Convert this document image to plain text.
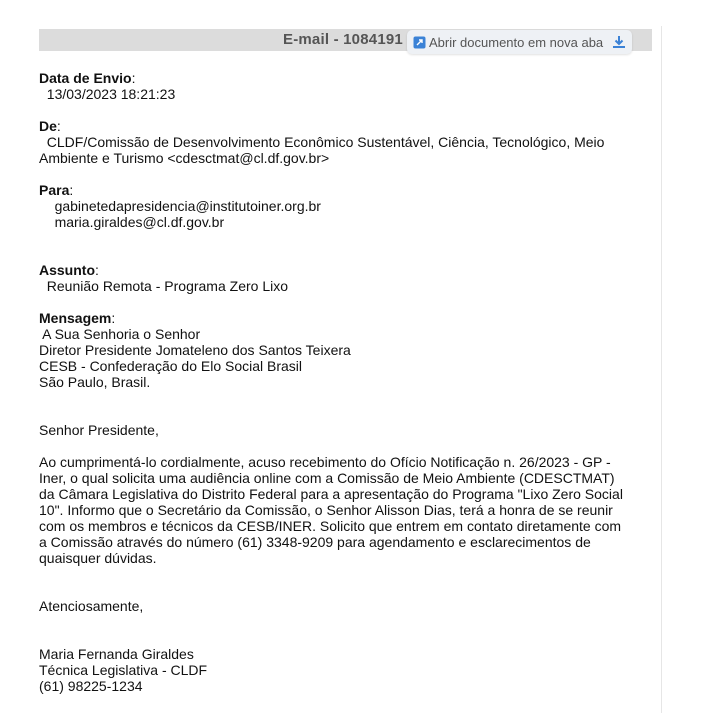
E-mail - 1084191 Abrir documento em nova aba
Data de Envio:
13/03/2023 18:21:23
De:
CLDF/Comissão de Desenvolvimento Econômico Sustentável, Ciência, Tecnológico, Meio
Ambiente e Turismo <cdesctmat@cl.df.gov.br>
Para:
gabinetedapresidencia@institutoiner.org.br
maria.giraldes@cl.df.gov.br
Assunto:
Reunião Remota - Programa Zero Lixo
Mensagem:
A Sua Senhoria o Senhor
Diretor Presidente Jomateleno dos Santos Teixera
CESB - Confederação do Elo Social Brasil
São Paulo, Brasil.
Senhor Presidente,
Ao cumprimentá-lo cordialmente, acuso recebimento do Ofício Notificação n. 26/2023 - GP -
Iner, o qual solicita uma audiência online com a Comissão de Meio Ambiente (CDESCTMAT)
da Câmara Legislativa do Distrito Federal para a apresentação do Programa "Lixo Zero Social
10". Informo que o Secretário da Comissão, o Senhor Alisson Dias, terá a honra de se reunir
com os membros e técnicos da CESB/INER. Solicito que entrem em contato diretamente com
a Comissão através do número (61) 3348-9209 para agendamento e esclarecimentos de
quaisquer dúvidas.
Atenciosamente,
Maria Fernanda Giraldes
Técnica Legislativa - CLDF
(61) 98225-1234
